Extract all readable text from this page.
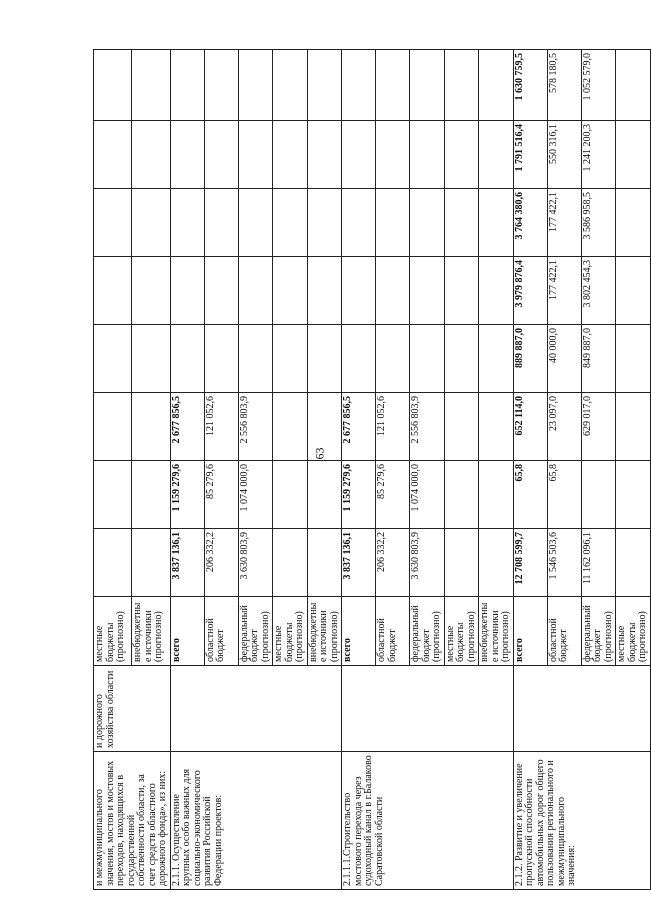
63
и межмуниципального значения, мостов и мостовых переходов, находящихся в государственной собственности области, за счет средств областного дорожного фонда», из них:	и дорожного хозяйства области	местные бюджеты (прогнозно)								
		внебюджетные источники (прогнозно)								
2.1.1. Осуществление крупных особо важных для социально-экономического развития Российской Федерации проектов:		всего	3 837 136,1	1 159 279,6	2 677 856,5					
		областной бюджет	206 332,2	85 279,6	121 052,6					
		федеральный бюджет (прогнозно)	3 630 803,9	1 074 000,0	2 556 803,9					
		местные бюджеты (прогнозно)								
		внебюджетные источники (прогнозно)								
2.1.1.1.Строительство мостового перехода через судоходный канал в г.Балаково Саратовской области		всего	3 837 136,1	1 159 279,6	2 677 856,5					
		областной бюджет	206 332,2	85 279,6	121 052,6					
		федеральный бюджет (прогнозно)	3 630 803,9	1 074 000,0	2 556 803,9					
		местные бюджеты (прогнозно)								
		внебюджетные источники (прогнозно)								
2.1.2. Развитие и увеличение пропускной способности автомобильных дорог общего пользования регионального и межмуниципального значения:		всего	12 708 599,7	65,8	652 114,0	889 887,0	3 979 876,4	3 764 380,6	1 791 516,4	1 630 759,5
		областной бюджет	1 546 503,6	65,8	23 097,0	40 000,0	177 422,1	177 422,1	550 316,1	578 180,5
		федеральный бюджет (прогнозно)	11 162 096,1		629 017,0	849 887,0	3 802 454,3	3 586 958,5	1 241 200,3	1 052 579,0
		местные бюджеты (прогнозно)								
